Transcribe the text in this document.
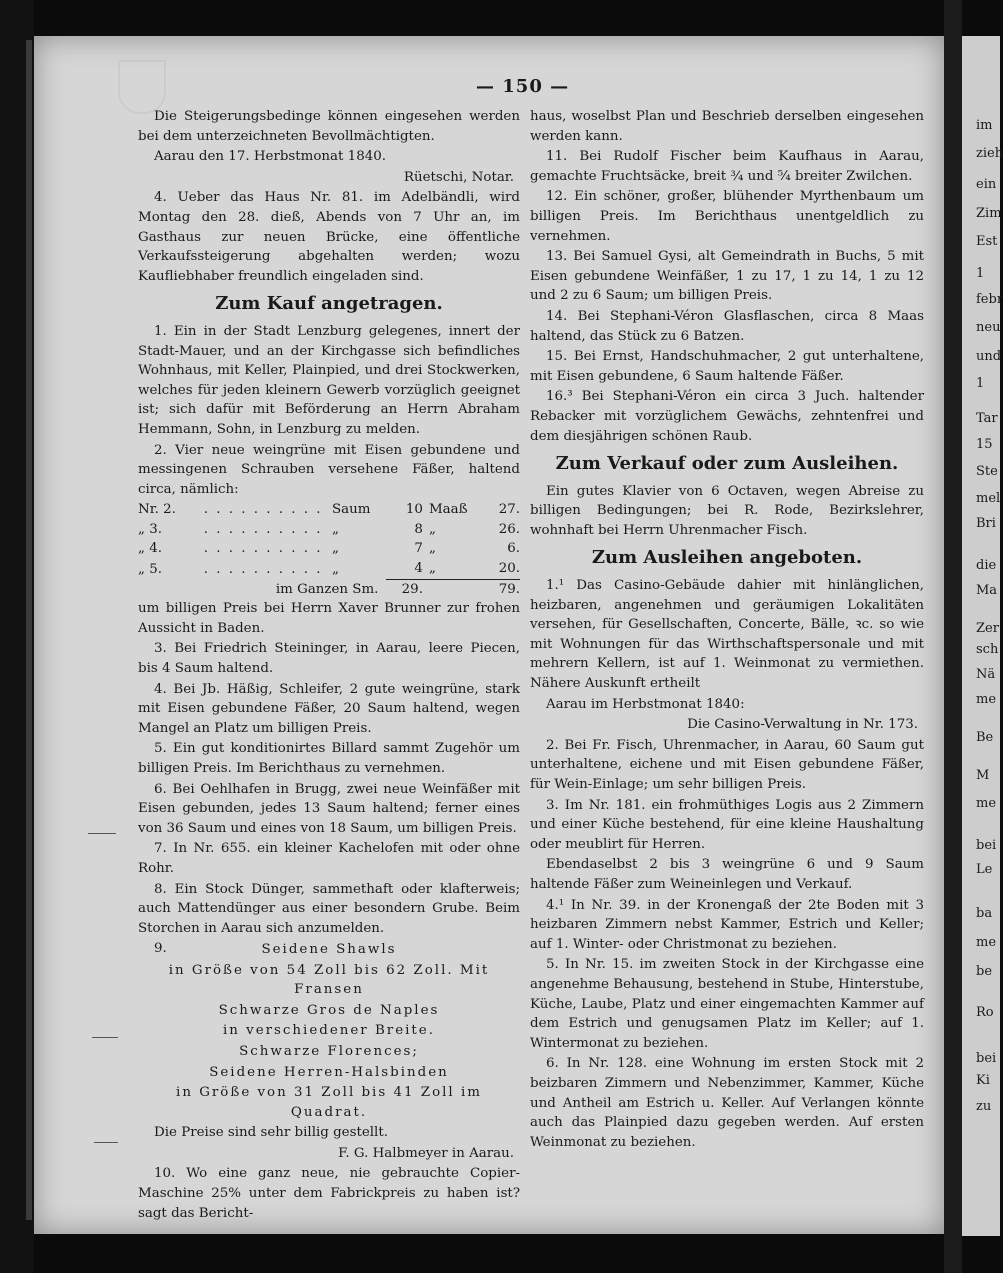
im
zieh
ein
Zim
Est
1
febr
neu
und
1
Tar
15
Ste
mel
Bri
die
Ma
Zer
sch
Nä
me
Be
M
me
bei
Le
ba
me
be
Ro
bei
Ki
zu
— 150 —

Die Steigerungsbedinge können eingesehen werden bei dem unterzeichneten Bevollmächtigten.

Aarau den 17. Herbstmonat 1840.

Rüetschi, Notar.

4. Ueber das Haus Nr. 81. im Adelbändli, wird Montag den 28. dieß, Abends von 7 Uhr an, im Gasthaus zur neuen Brücke, eine öffentliche Verkaufssteigerung abgehalten werden; wozu Kaufliebhaber freundlich eingeladen sind.

Zum Kauf angetragen.

1. Ein in der Stadt Lenzburg gelegenes, innert der Stadt-Mauer, und an der Kirchgasse sich befindliches Wohnhaus, mit Keller, Plainpied, und drei Stockwerken, welches für jeden kleinern Gewerb vorzüglich geeignet ist; sich dafür mit Beförderung an Herrn Abraham Hemmann, Sohn, in Lenzburg zu melden.

2. Vier neue weingrüne mit Eisen gebundene und messingenen Schrauben versehene Fäßer, haltend circa, nämlich:

Nr. 2.	. . . . . . . . . .	Saum	10	Maaß	27.
„ 3.	. . . . . . . . . .	„	8	„	26.
„ 4.	. . . . . . . . . .	„	7	„	6.
„ 5.	. . . . . . . . . .	„	4	„	20.
im Ganzen Sm.			29.		79.

um billigen Preis bei Herrn Xaver Brunner zur frohen Aussicht in Baden.

3. Bei Friedrich Steininger, in Aarau, leere Piecen, bis 4 Saum haltend.

4. Bei Jb. Häßig, Schleifer, 2 gute weingrüne, stark mit Eisen gebundene Fäßer, 20 Saum haltend, wegen Mangel an Platz um billigen Preis.

5. Ein gut konditionirtes Billard sammt Zugehör um billigen Preis. Im Berichthaus zu vernehmen.

6. Bei Oehlhafen in Brugg, zwei neue Weinfäßer mit Eisen gebunden, jedes 13 Saum haltend; ferner eines von 36 Saum und eines von 18 Saum, um billigen Preis.

7. In Nr. 655. ein kleiner Kachelofen mit oder ohne Rohr.

8. Ein Stock Dünger, sammethaft oder klafterweis; auch Mattendünger aus einer besondern Grube. Beim Storchen in Aarau sich anzumelden.

9.	Seidene Shawls

in Größe von 54 Zoll bis 62 Zoll. Mit Fransen

Schwarze Gros de Naples

in verschiedener Breite.

Schwarze Florences;

Seidene Herren-Halsbinden

in Größe von 31 Zoll bis 41 Zoll im Quadrat.

Die Preise sind sehr billig gestellt.

F. G. Halbmeyer in Aarau.

10. Wo eine ganz neue, nie gebrauchte Copier-Maschine 25% unter dem Fabrickpreis zu haben ist? sagt das Bericht-

haus, woselbst Plan und Beschrieb derselben eingesehen werden kann.

11. Bei Rudolf Fischer beim Kaufhaus in Aarau, gemachte Fruchtsäcke, breit ¾ und ⁵⁄₄ breiter Zwilchen.

12. Ein schöner, großer, blühender Myrthenbaum um billigen Preis. Im Berichthaus unentgeldlich zu vernehmen.

13. Bei Samuel Gysi, alt Gemeindrath in Buchs, 5 mit Eisen gebundene Weinfäßer, 1 zu 17, 1 zu 14, 1 zu 12 und 2 zu 6 Saum; um billigen Preis.

14. Bei Stephani-Véron Glasflaschen, circa 8 Maas haltend, das Stück zu 6 Batzen.

15. Bei Ernst, Handschuhmacher, 2 gut unterhaltene, mit Eisen gebundene, 6 Saum haltende Fäßer.

16.³ Bei Stephani-Véron ein circa 3 Juch. haltender Rebacker mit vorzüglichem Gewächs, zehntenfrei und dem diesjährigen schönen Raub.

Zum Verkauf oder zum Ausleihen.

Ein gutes Klavier von 6 Octaven, wegen Abreise zu billigen Bedingungen; bei R. Rode, Bezirkslehrer, wohnhaft bei Herrn Uhrenmacher Fisch.

Zum Ausleihen angeboten.

1.¹ Das Casino-Gebäude dahier mit hinlänglichen, heizbaren, angenehmen und geräumigen Lokalitäten versehen, für Gesellschaften, Concerte, Bälle, ꝛc. so wie mit Wohnungen für das Wirthschaftspersonale und mit mehrern Kellern, ist auf 1. Weinmonat zu vermiethen. Nähere Auskunft ertheilt

Aarau im Herbstmonat 1840:

Die Casino-Verwaltung in Nr. 173.

2. Bei Fr. Fisch, Uhrenmacher, in Aarau, 60 Saum gut unterhaltene, eichene und mit Eisen gebundene Fäßer, für Wein-Einlage; um sehr billigen Preis.

3. Im Nr. 181. ein frohmüthiges Logis aus 2 Zimmern und einer Küche bestehend, für eine kleine Haushaltung oder meublirt für Herren.

Ebendaselbst 2 bis 3 weingrüne 6 und 9 Saum haltende Fäßer zum Weineinlegen und Verkauf.

4.¹ In Nr. 39. in der Kronengaß der 2te Boden mit 3 heizbaren Zimmern nebst Kammer, Estrich und Keller; auf 1. Winter- oder Christmonat zu beziehen.

5. In Nr. 15. im zweiten Stock in der Kirchgasse eine angenehme Behausung, bestehend in Stube, Hinterstube, Küche, Laube, Platz und einer eingemachten Kammer auf dem Estrich und genugsamen Platz im Keller; auf 1. Wintermonat zu beziehen.

6. In Nr. 128. eine Wohnung im ersten Stock mit 2 beizbaren Zimmern und Nebenzimmer, Kammer, Küche und Antheil am Estrich u. Keller. Auf Verlangen könnte auch das Plainpied dazu gegeben werden. Auf ersten Weinmonat zu beziehen.
